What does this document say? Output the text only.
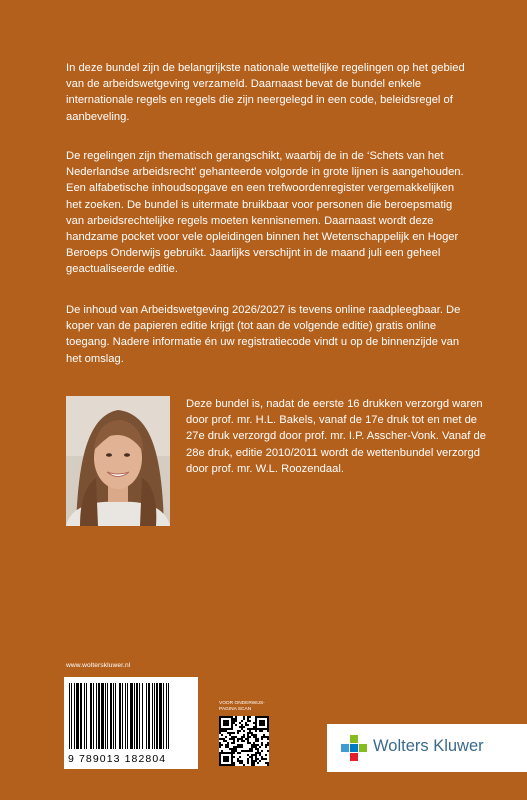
In deze bundel zijn de belangrijkste nationale wettelijke regelingen op het gebied van de arbeidswetgeving verzameld. Daarnaast bevat de bundel enkele internationale regels en regels die zijn neergelegd in een code, beleidsregel of aanbeveling.

De regelingen zijn thematisch gerangschikt, waarbij de in de ‘Schets van het Nederlandse arbeidsrecht’ gehanteerde volgorde in grote lijnen is aangehouden. Een alfabetische inhoudsopgave en een trefwoordenregister vergemakkelijken het zoeken. De bundel is uitermate bruikbaar voor personen die beroepsmatig van arbeidsrechtelijke regels moeten kennisnemen. Daarnaast wordt deze handzame pocket voor vele opleidingen binnen het Wetenschappelijk en Hoger Beroeps Onderwijs gebruikt. Jaarlijks verschijnt in de maand juli een geheel geactualiseerde editie.

De inhoud van Arbeidswetgeving 2026/2027 is tevens online raadpleegbaar. De koper van de papieren editie krijgt (tot aan de volgende editie) gratis online toegang. Nadere informatie én uw registratiecode vindt u op de binnenzijde van het omslag.

Deze bundel is, nadat de eerste 16 drukken verzorgd waren door prof. mr. H.L. Bakels, vanaf de 17e druk tot en met de 27e druk verzorgd door prof. mr. I.P. Asscher-Vonk. Vanaf de 28e druk, editie 2010/2011 wordt de wettenbundel verzorgd door prof. mr. W.L. Roozendaal.

www.wolterskluwer.nl
9 789013 182804
VOOR ONDERWIJS-PAGINA SCAN
Wolters Kluwer
